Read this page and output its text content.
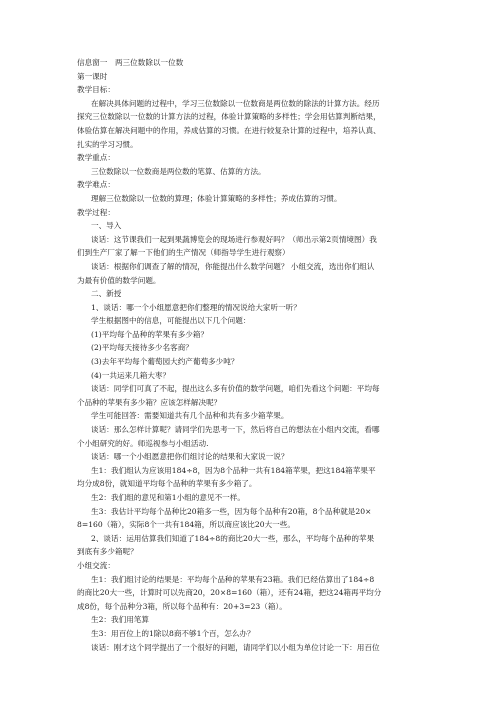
信息窗一　两三位数除以一位数
第一课时
教学目标：
在解决具体问题的过程中，学习三位数除以一位数商是两位数的除法的计算方法。经历
探究三位数除以一位数的计算方法的过程，体验计算策略的多样性；学会用估算判断结果，
体验估算在解决问题中的作用，养成估算的习惯。在进行较复杂计算的过程中，培养认真、
扎实的学习习惯。
教学重点：
三位数除以一位数商是两位数的笔算、估算的方法。
教学难点：
理解三位数除以一位数的算理；体验计算策略的多样性；养成估算的习惯。
教学过程：
一、导入
谈话：这节课我们一起到果蔬博览会的现场进行参观好吗？（师出示第2页情境图）我
们到生产厂家了解一下他们的生产情况（师指导学生进行观察）
谈话：根据你们调查了解的情况，你能提出什么数学问题？ 小组交流，选出你们组认
为最有价值的数学问题。
二、新授
1、谈话：哪一个小组愿意把你们整理的情况说给大家听一听？
学生根据图中的信息，可能提出以下几个问题：
(1)平均每个品种的苹果有多少箱？
(2)平均每天接待多少名客商？
(3)去年平均每个葡萄园大约产葡萄多少吨？
(4)一共运来几箱大枣？
谈话：同学们可真了不起，提出这么多有价值的数学问题，咱们先看这个问题：平均每
个品种的苹果有多少箱？应该怎样解决呢？
学生可能回答：需要知道共有几个品种和共有多少箱苹果。
谈话：那么怎样计算呢？请同学们先思考一下，然后将自己的想法在小组内交流，看哪
个小组研究的好。师巡视参与小组活动.
谈话：哪一个小组愿意把你们组讨论的结果和大家说一说？
生1：我们组认为应该用184÷8，因为8个品种一共有184箱苹果，把这184箱苹果平
均分成8份，就知道平均每个品种的苹果有多少箱了。
生2：我们组的意见和第1小组的意见不一样。
生3：我估计平均每个品种比20箱多一些，因为每个品种有20箱，8个品种就是20×
8=160（箱），实际8个一共有184箱，所以商应该比20大一些。
2、谈话：运用估算我们知道了184÷8的商比20大一些，那么，平均每个品种的苹果
到底有多少箱呢？
小组交流：
生1：我们组讨论的结果是：平均每个品种的苹果有23箱。我们已经估算出了184÷8
的商比20大一些，计算时可以先商20，20×8=160（箱），还有24箱，把这24箱再平均分
成8份，每个品种分3箱，所以每个品种有：20+3=23（箱）。
生2：我们用笔算
生3：用百位上的1除以8商不够1个百，怎么办？
谈话：刚才这个同学提出了一个很好的问题，请同学们以小组为单位讨论一下：用百位
